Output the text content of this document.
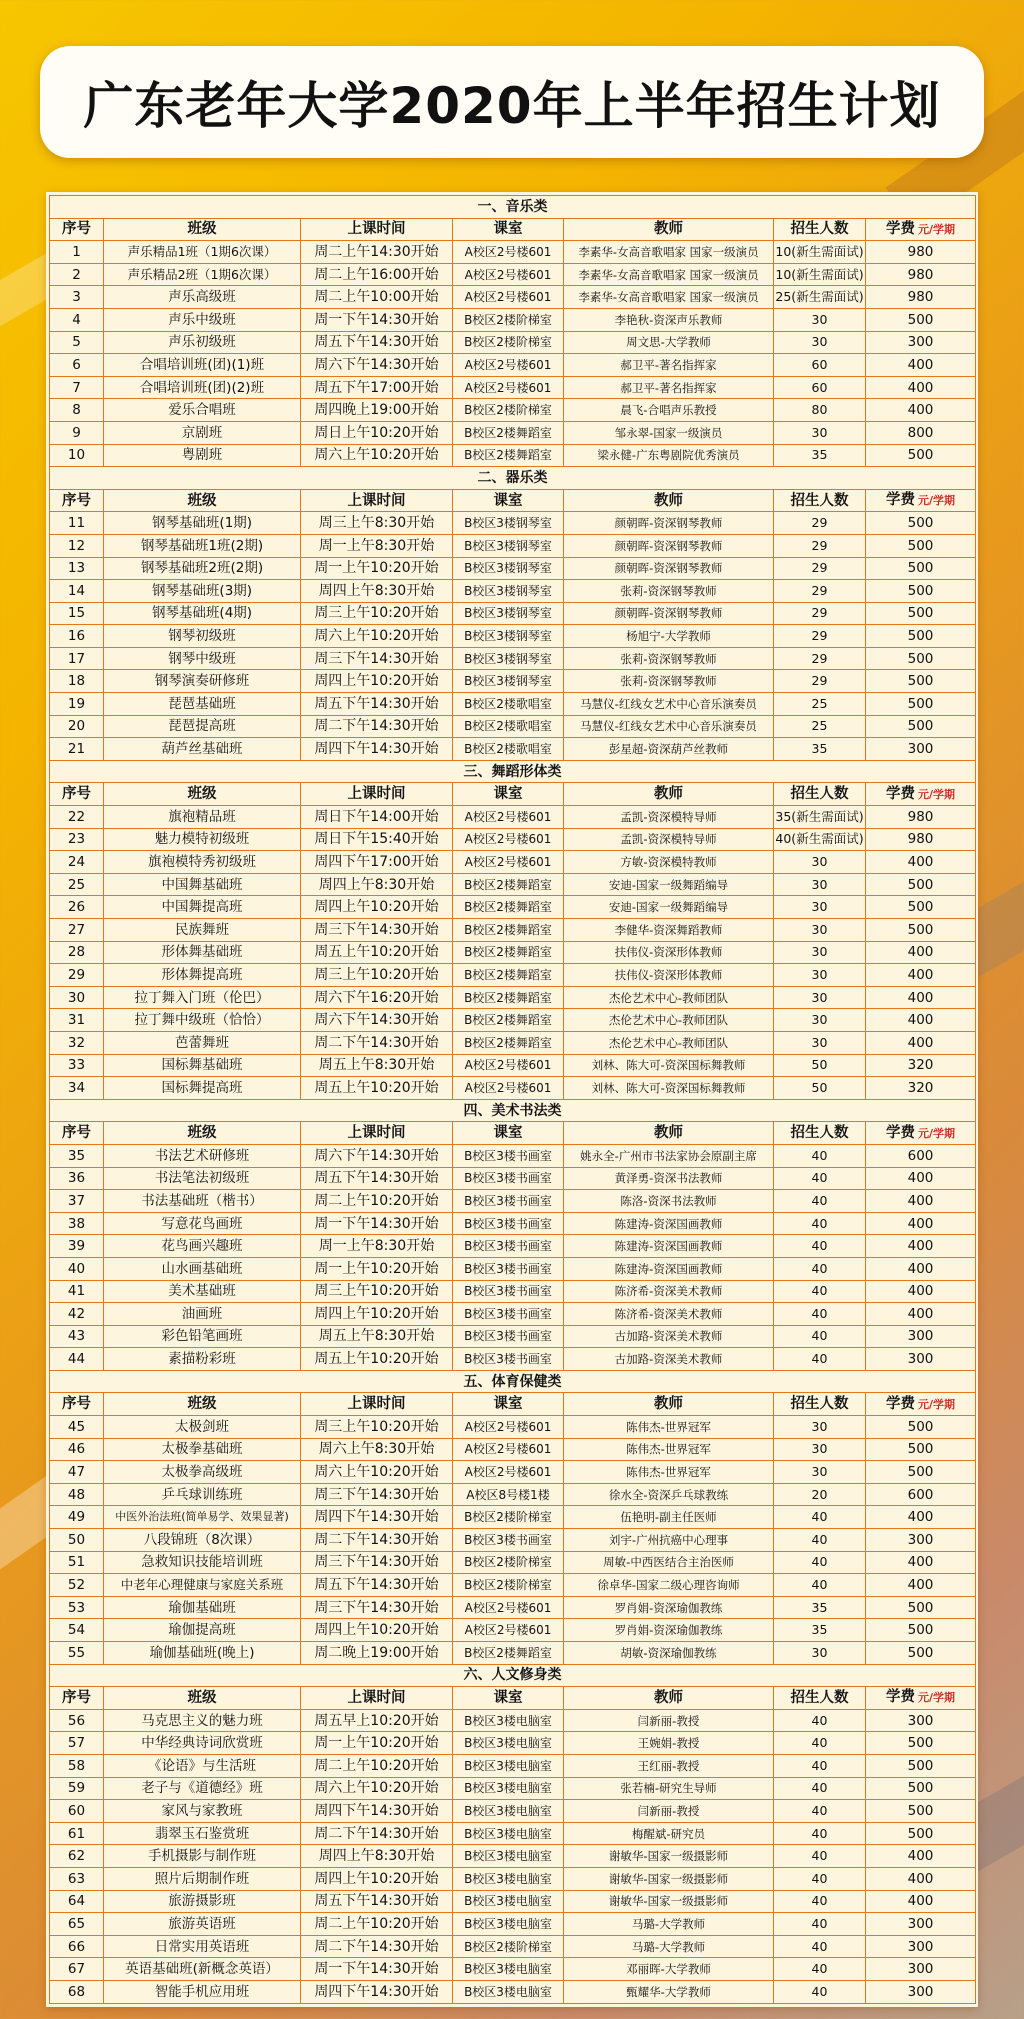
广东老年大学2020年上半年招生计划
一、音乐类						
序号	班级	上课时间	课室	教师	招生人数	学费 元/学期
1	声乐精品1班（1期6次课）	周二上午14:30开始	A校区2号楼601	李素华-女高音歌唱家 国家一级演员	10(新生需面试)	980
2	声乐精品2班（1期6次课）	周二上午16:00开始	A校区2号楼601	李素华-女高音歌唱家 国家一级演员	10(新生需面试)	980
3	声乐高级班	周二上午10:00开始	A校区2号楼601	李素华-女高音歌唱家 国家一级演员	25(新生需面试)	980
4	声乐中级班	周一下午14:30开始	B校区2楼阶梯室	李艳秋-资深声乐教师	30	500
5	声乐初级班	周五下午14:30开始	B校区2楼阶梯室	周文思-大学教师	30	300
6	合唱培训班(团)(1)班	周六下午14:30开始	A校区2号楼601	郝卫平-著名指挥家	60	400
7	合唱培训班(团)(2)班	周五下午17:00开始	A校区2号楼601	郝卫平-著名指挥家	60	400
8	爱乐合唱班	周四晚上19:00开始	B校区2楼阶梯室	晨飞-合唱声乐教授	80	400
9	京剧班	周日上午10:20开始	B校区2楼舞蹈室	邹永翠-国家一级演员	30	800
10	粤剧班	周六上午10:20开始	B校区2楼舞蹈室	梁永健-广东粤剧院优秀演员	35	500
二、器乐类						
序号	班级	上课时间	课室	教师	招生人数	学费 元/学期
11	钢琴基础班(1期)	周三上午8:30开始	B校区3楼钢琴室	颜朝晖-资深钢琴教师	29	500
12	钢琴基础班1班(2期)	周一上午8:30开始	B校区3楼钢琴室	颜朝晖-资深钢琴教师	29	500
13	钢琴基础班2班(2期)	周一上午10:20开始	B校区3楼钢琴室	颜朝晖-资深钢琴教师	29	500
14	钢琴基础班(3期)	周四上午8:30开始	B校区3楼钢琴室	张莉-资深钢琴教师	29	500
15	钢琴基础班(4期)	周三上午10:20开始	B校区3楼钢琴室	颜朝晖-资深钢琴教师	29	500
16	钢琴初级班	周六上午10:20开始	B校区3楼钢琴室	杨旭宁-大学教师	29	500
17	钢琴中级班	周三下午14:30开始	B校区3楼钢琴室	张莉-资深钢琴教师	29	500
18	钢琴演奏研修班	周四上午10:20开始	B校区3楼钢琴室	张莉-资深钢琴教师	29	500
19	琵琶基础班	周五下午14:30开始	B校区2楼歌唱室	马慧仪-红线女艺术中心音乐演奏员	25	500
20	琵琶提高班	周二下午14:30开始	B校区2楼歌唱室	马慧仪-红线女艺术中心音乐演奏员	25	500
21	葫芦丝基础班	周四下午14:30开始	B校区2楼歌唱室	彭星超-资深葫芦丝教师	35	300
三、舞蹈形体类						
序号	班级	上课时间	课室	教师	招生人数	学费 元/学期
22	旗袍精品班	周日下午14:00开始	A校区2号楼601	孟凯-资深模特导师	35(新生需面试)	980
23	魅力模特初级班	周日下午15:40开始	A校区2号楼601	孟凯-资深模特导师	40(新生需面试)	980
24	旗袍模特秀初级班	周四下午17:00开始	A校区2号楼601	方敏-资深模特教师	30	400
25	中国舞基础班	周四上午8:30开始	B校区2楼舞蹈室	安迪-国家一级舞蹈编导	30	500
26	中国舞提高班	周四上午10:20开始	B校区2楼舞蹈室	安迪-国家一级舞蹈编导	30	500
27	民族舞班	周三下午14:30开始	B校区2楼舞蹈室	李健华-资深舞蹈教师	30	500
28	形体舞基础班	周五上午10:20开始	B校区2楼舞蹈室	扶伟仪-资深形体教师	30	400
29	形体舞提高班	周三上午10:20开始	B校区2楼舞蹈室	扶伟仪-资深形体教师	30	400
30	拉丁舞入门班（伦巴）	周六下午16:20开始	B校区2楼舞蹈室	杰伦艺术中心-教师团队	30	400
31	拉丁舞中级班（恰恰）	周六下午14:30开始	B校区2楼舞蹈室	杰伦艺术中心-教师团队	30	400
32	芭蕾舞班	周二下午14:30开始	B校区2楼舞蹈室	杰伦艺术中心-教师团队	30	400
33	国标舞基础班	周五上午8:30开始	A校区2号楼601	刘林、陈大可-资深国标舞教师	50	320
34	国标舞提高班	周五上午10:20开始	A校区2号楼601	刘林、陈大可-资深国标舞教师	50	320
四、美术书法类						
序号	班级	上课时间	课室	教师	招生人数	学费 元/学期
35	书法艺术研修班	周六下午14:30开始	B校区3楼书画室	姚永全-广州市书法家协会原副主席	40	600
36	书法笔法初级班	周五下午14:30开始	B校区3楼书画室	黄泽勇-资深书法教师	40	400
37	书法基础班（楷书）	周二上午10:20开始	B校区3楼书画室	陈洛-资深书法教师	40	400
38	写意花鸟画班	周一下午14:30开始	B校区3楼书画室	陈建涛-资深国画教师	40	400
39	花鸟画兴趣班	周一上午8:30开始	B校区3楼书画室	陈建涛-资深国画教师	40	400
40	山水画基础班	周一上午10:20开始	B校区3楼书画室	陈建涛-资深国画教师	40	400
41	美术基础班	周三上午10:20开始	B校区3楼书画室	陈济希-资深美术教师	40	400
42	油画班	周四上午10:20开始	B校区3楼书画室	陈济希-资深美术教师	40	400
43	彩色铅笔画班	周五上午8:30开始	B校区3楼书画室	古加路-资深美术教师	40	300
44	素描粉彩班	周五上午10:20开始	B校区3楼书画室	古加路-资深美术教师	40	300
五、体育保健类						
序号	班级	上课时间	课室	教师	招生人数	学费 元/学期
45	太极剑班	周三上午10:20开始	A校区2号楼601	陈伟杰-世界冠军	30	500
46	太极拳基础班	周六上午8:30开始	A校区2号楼601	陈伟杰-世界冠军	30	500
47	太极拳高级班	周六上午10:20开始	A校区2号楼601	陈伟杰-世界冠军	30	500
48	乒乓球训练班	周三下午14:30开始	A校区8号楼1楼	徐水全-资深乒乓球教练	20	600
49	中医外治法班(简单易学、效果显著)	周四下午14:30开始	B校区2楼阶梯室	伍艳明-副主任医师	40	400
50	八段锦班（8次课）	周二下午14:30开始	B校区3楼书画室	刘宇-广州抗癌中心理事	40	300
51	急救知识技能培训班	周三下午14:30开始	B校区2楼阶梯室	周敏-中西医结合主治医师	40	400
52	中老年心理健康与家庭关系班	周五下午14:30开始	B校区2楼阶梯室	徐卓华-国家二级心理咨询师	40	400
53	瑜伽基础班	周三下午14:30开始	A校区2号楼601	罗肖娟-资深瑜伽教练	35	500
54	瑜伽提高班	周四上午10:20开始	A校区2号楼601	罗肖娟-资深瑜伽教练	35	500
55	瑜伽基础班(晚上)	周二晚上19:00开始	B校区2楼舞蹈室	胡敏-资深瑜伽教练	30	500
六、人文修身类						
序号	班级	上课时间	课室	教师	招生人数	学费 元/学期
56	马克思主义的魅力班	周五早上10:20开始	B校区3楼电脑室	闫新丽-教授	40	300
57	中华经典诗词欣赏班	周一上午10:20开始	B校区3楼电脑室	王婉娟-教授	40	500
58	《论语》与生活班	周二上午10:20开始	B校区3楼电脑室	王红丽-教授	40	500
59	老子与《道德经》班	周六上午10:20开始	B校区3楼电脑室	张若楠-研究生导师	40	500
60	家风与家教班	周四下午14:30开始	B校区3楼电脑室	闫新丽-教授	40	500
61	翡翠玉石鉴赏班	周二下午14:30开始	B校区3楼电脑室	梅醒斌-研究员	40	500
62	手机摄影与制作班	周四上午8:30开始	B校区3楼电脑室	谢敏华-国家一级摄影师	40	400
63	照片后期制作班	周四上午10:20开始	B校区3楼电脑室	谢敏华-国家一级摄影师	40	400
64	旅游摄影班	周五下午14:30开始	B校区3楼电脑室	谢敏华-国家一级摄影师	40	400
65	旅游英语班	周二上午10:20开始	B校区3楼电脑室	马璐-大学教师	40	300
66	日常实用英语班	周二下午14:30开始	B校区2楼阶梯室	马璐-大学教师	40	300
67	英语基础班(新概念英语）	周一下午14:30开始	B校区3楼电脑室	邓丽晖-大学教师	40	300
68	智能手机应用班	周四下午14:30开始	B校区3楼电脑室	甄耀华-大学教师	40	300
